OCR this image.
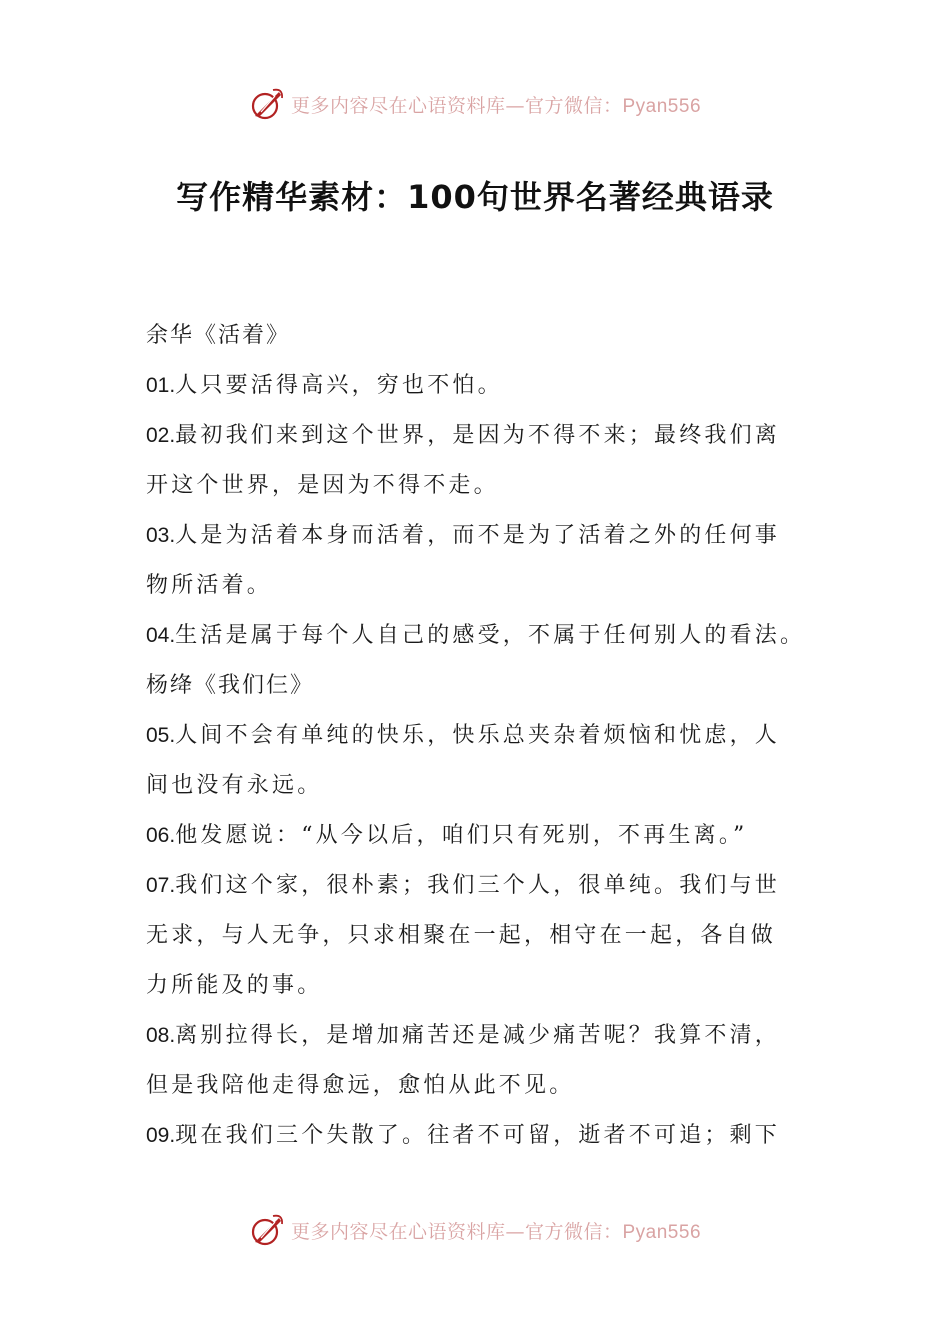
更多内容尽在心语资料库—官方微信：Pyan556
写作精华素材：100句世界名著经典语录
余华《活着》
01.人只要活得高兴，穷也不怕。
02.最初我们来到这个世界，是因为不得不来；最终我们离
开这个世界，是因为不得不走。
03.人是为活着本身而活着，而不是为了活着之外的任何事
物所活着。
04.生活是属于每个人自己的感受，不属于任何别人的看法。
杨绛《我们仨》
05.人间不会有单纯的快乐，快乐总夹杂着烦恼和忧虑，人
间也没有永远。
06.他发愿说：“从今以后，咱们只有死别，不再生离。”
07.我们这个家，很朴素；我们三个人，很单纯。我们与世
无求，与人无争，只求相聚在一起，相守在一起，各自做
力所能及的事。
08.离别拉得长，是增加痛苦还是减少痛苦呢？我算不清，
但是我陪他走得愈远，愈怕从此不见。
09.现在我们三个失散了。往者不可留，逝者不可追；剩下
更多内容尽在心语资料库—官方微信：Pyan556
